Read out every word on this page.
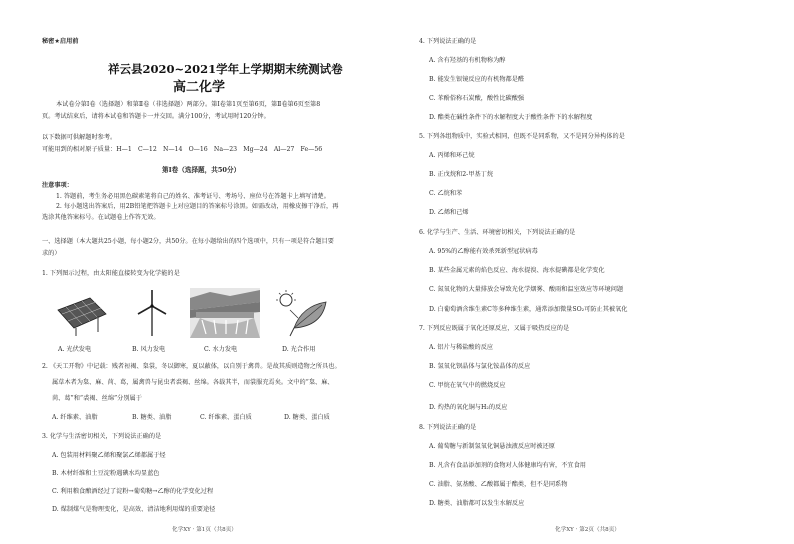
秘密★启用前
祥云县2020~2021学年上学期期末统测试卷
高二化学
本试卷分第Ⅰ卷（选择题）和第Ⅱ卷（非选择题）两部分。第Ⅰ卷第1页至第6页，第Ⅱ卷第6页至第8
页。考试结束后，请将本试卷和答题卡一并交回。满分100分，考试用时120分钟。
以下数据可供解题时参考。
可能用到的相对原子质量：H—1　C—12　N—14　O—16　Na—23　Mg—24　Al—27　Fe—56
第Ⅰ卷（选择题，共50分）
注意事项：
1. 答题前，考生务必用黑色碳素笔将自己的姓名、准考证号、考场号、座位号在答题卡上填写清楚。
2. 每小题选出答案后，用2B铅笔把答题卡上对应题目的答案标号涂黑。如需改动，用橡皮擦干净后，再
选涂其他答案标号。在试题卷上作答无效。
一、选择题（本大题共25小题，每小题2分，共50分。在每小题给出的四个选项中，只有一项是符合题目要
求的）
1. 下列图示过程，由太阳能直接转变为化学能的是
A. 光伏发电	B. 风力发电	C. 水力发电	D. 光合作用
2. 《天工开物》中记载：贱者裋褐、枲裳，冬以御寒，夏以蔽体，以自别于禽兽。是故其质则造物之所具也。
属草木者为枲、麻、苘、葛，属禽兽与昆虫者裘褐、丝绵。各载其半，而裳服充焉矣。文中的“枲、麻、
苘、葛”和“裘褐、丝绵”分别属于
A. 纤维素、油脂	B. 糖类、油脂	C. 纤维素、蛋白质	D. 糖类、蛋白质
3. 化学与生活密切相关，下列说法正确的是
A. 包装用材料聚乙烯和聚氯乙烯都属于烃
B. 木材纤维和土豆淀粉遇碘水均显蓝色
C. 利用粮食酿酒经过了淀粉→葡萄糖→乙醇的化学变化过程
D. 煤制煤气是物理变化，是高效、清洁地利用煤的重要途径
化学XY · 第1页（共8页）
4. 下列说法正确的是
A. 含有羟基的有机物称为醇
B. 能发生银镜反应的有机物都是醛
C. 苯酚俗称石炭酸，酸性比碳酸强
D. 酯类在碱性条件下的水解程度大于酸性条件下的水解程度
5. 下列各组物质中，实验式相同，但既不是同系物，又不是同分异构体的是
A. 丙烯和环己烷
B. 正戊烷和2-甲基丁烷
C. 乙烷和苯
D. 乙烯和己烯
6. 化学与生产、生活、环境密切相关，下列说法正确的是
A. 95%的乙醇能有效杀死新型冠状病毒
B. 某些金属元素的焰色反应、海水提溴、海水提碘都是化学变化
C. 氮氧化物的大量排放会导致光化学烟雾、酸雨和温室效应等环境问题
D. 白葡萄酒含维生素C等多种维生素，通常添加微量SO₂可防止其被氧化
7. 下列反应既属于氧化还原反应，又属于吸热反应的是
A. 铝片与稀盐酸的反应
B. 氢氧化钡晶体与氯化铵晶体的反应
C. 甲烷在氧气中的燃烧反应
D. 灼热的氧化铜与H₂的反应
8. 下列说法正确的是
A. 葡萄糖与新制氢氧化铜悬浊液反应时被还原
B. 凡含有食品添加剂的食物对人体健康均有害，不宜食用
C. 油脂、氨基酸、乙酸都属于酯类，但不是同系物
D. 糖类、油脂都可以发生水解反应
化学XY · 第2页（共8页）
